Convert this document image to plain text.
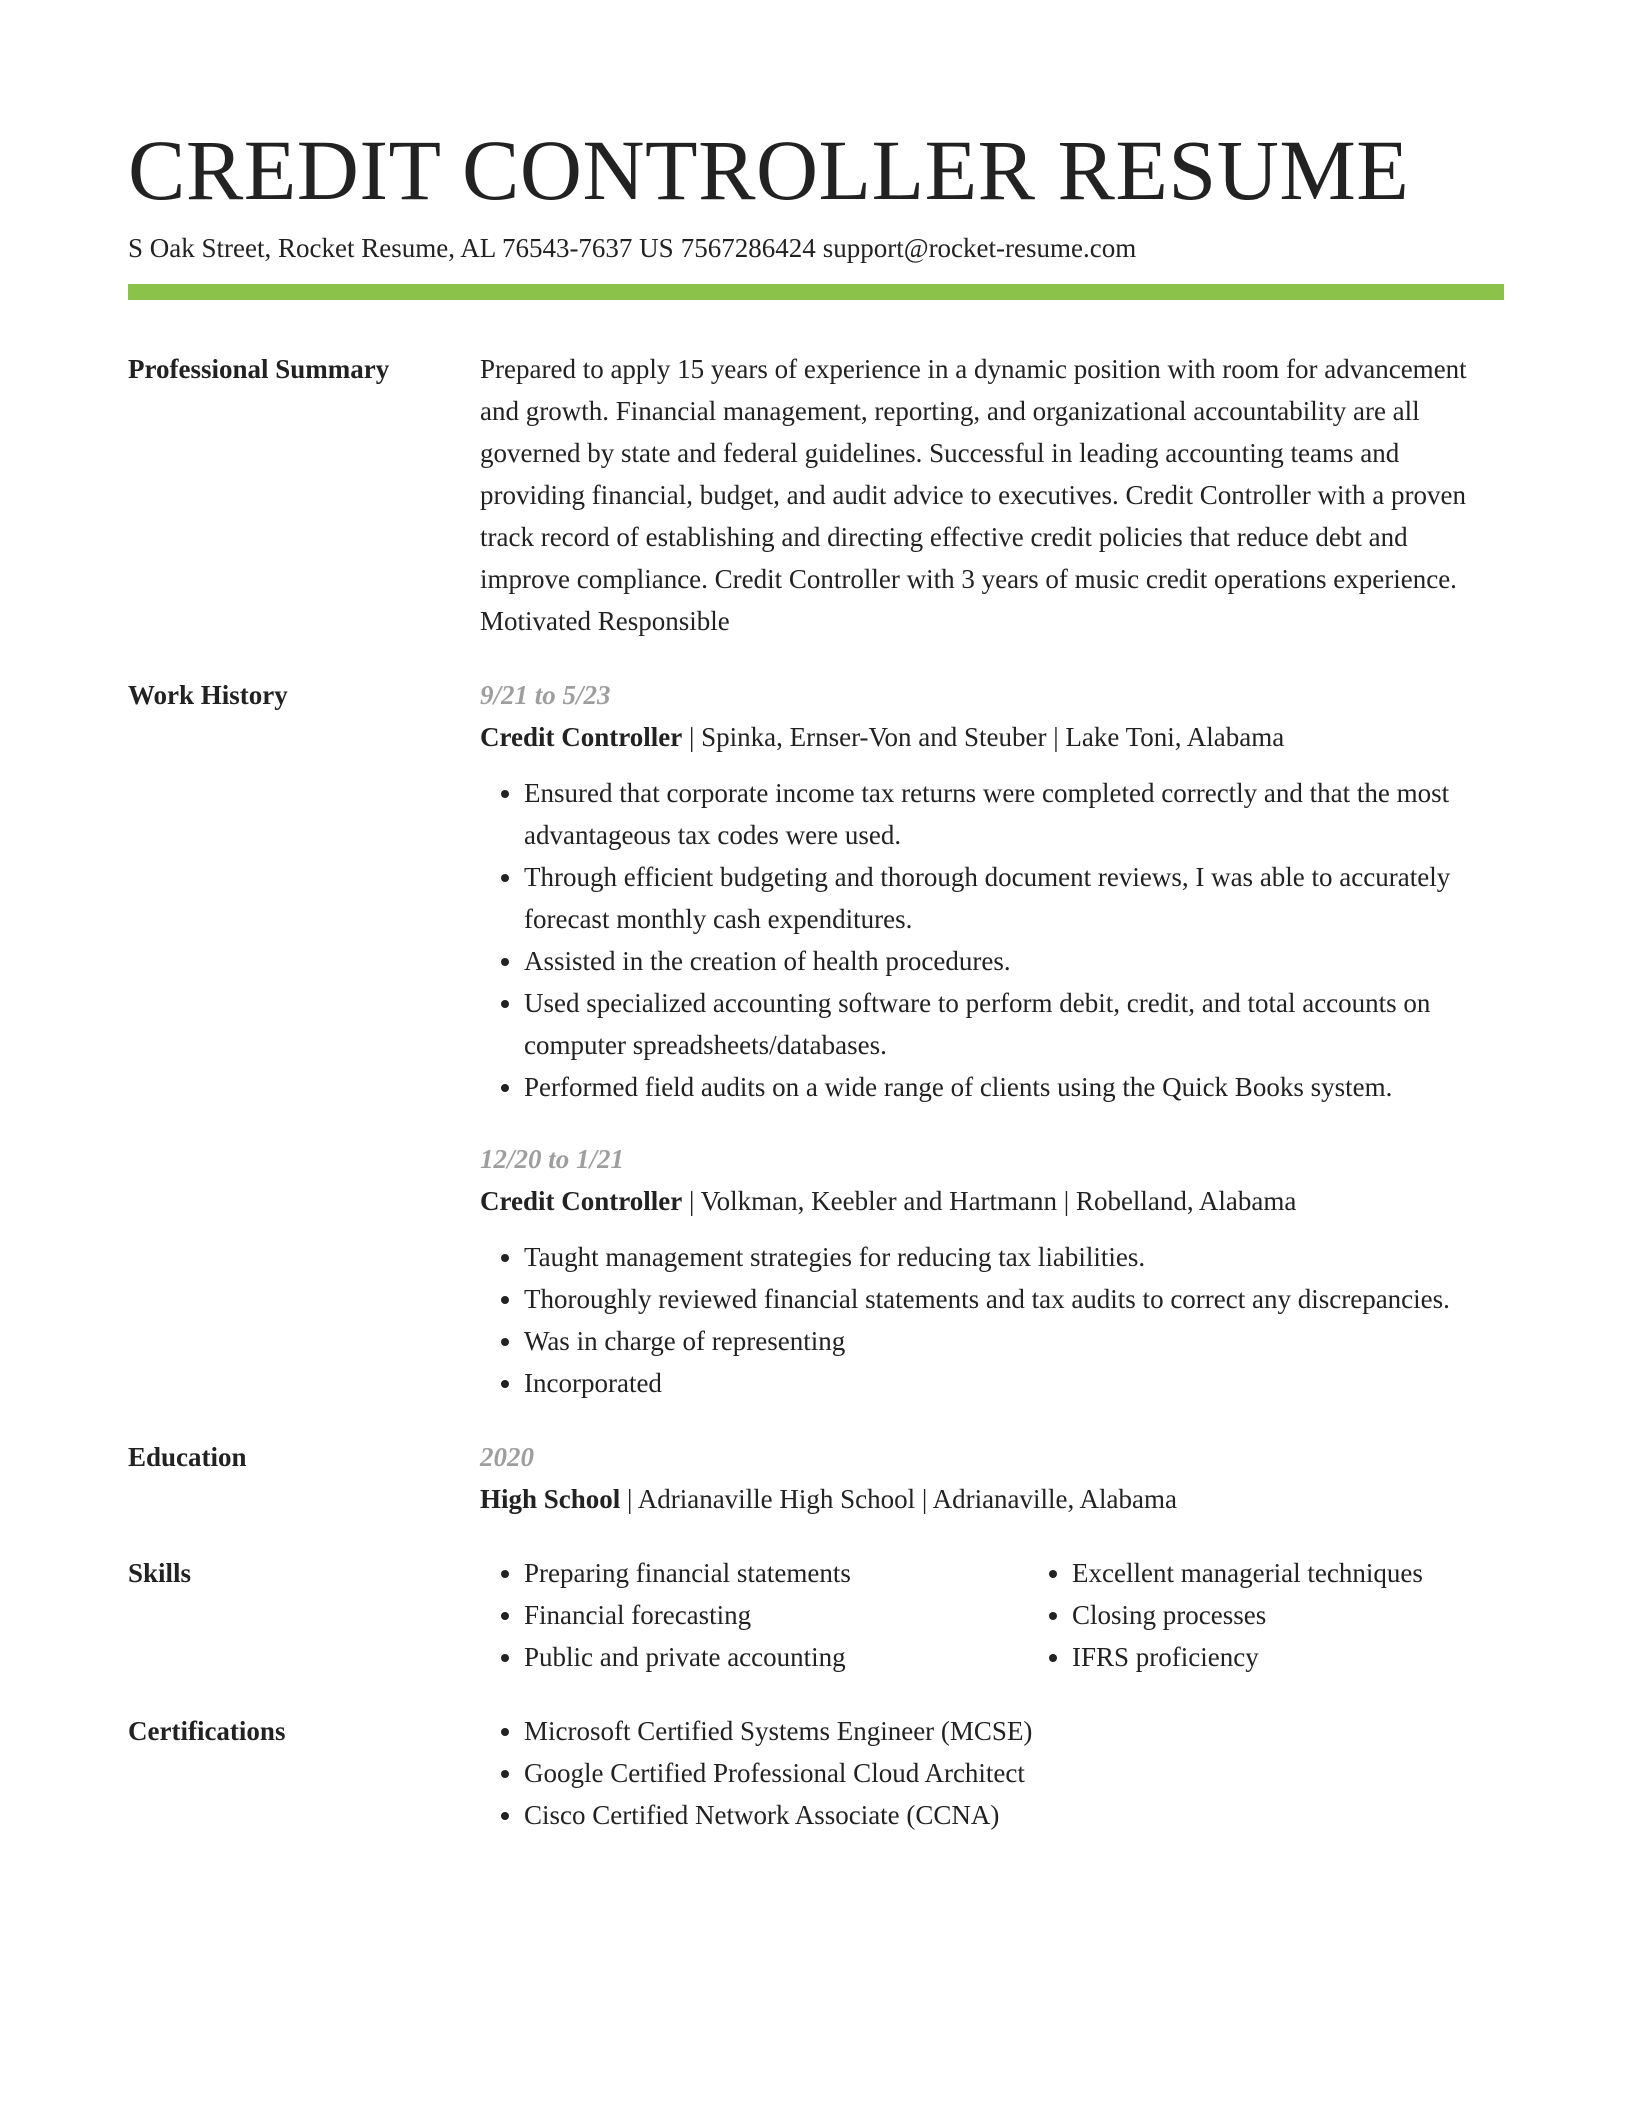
CREDIT CONTROLLER RESUME
S Oak Street, Rocket Resume, AL 76543-7637 US 7567286424 support@rocket-resume.com
Professional Summary	Prepared to apply 15 years of experience in a dynamic position with room for advancement and growth. Financial management, reporting, and organizational accountability are all governed by state and federal guidelines. Successful in leading accounting teams and providing financial, budget, and audit advice to executives. Credit Controller with a proven track record of establishing and directing effective credit policies that reduce debt and improve compliance. Credit Controller with 3 years of music credit operations experience. Motivated Responsible
Work History	9/21 to 5/23
Credit Controller | Spinka, Ernser-Von and Steuber | Lake Toni, Alabama
• Ensured that corporate income tax returns were completed correctly and that the most advantageous tax codes were used.
• Through efficient budgeting and thorough document reviews, I was able to accurately forecast monthly cash expenditures.
• Assisted in the creation of health procedures.
• Used specialized accounting software to perform debit, credit, and total accounts on computer spreadsheets/databases.
• Performed field audits on a wide range of clients using the Quick Books system.
12/20 to 1/21
Credit Controller | Volkman, Keebler and Hartmann | Robelland, Alabama
• Taught management strategies for reducing tax liabilities.
• Thoroughly reviewed financial statements and tax audits to correct any discrepancies.
• Was in charge of representing
• Incorporated
Education	2020
High School | Adrianaville High School | Adrianaville, Alabama
Skills	• Preparing financial statements
• Financial forecasting
• Public and private accounting
• Excellent managerial techniques
• Closing processes
• IFRS proficiency
Certifications	• Microsoft Certified Systems Engineer (MCSE)
• Google Certified Professional Cloud Architect
• Cisco Certified Network Associate (CCNA)
